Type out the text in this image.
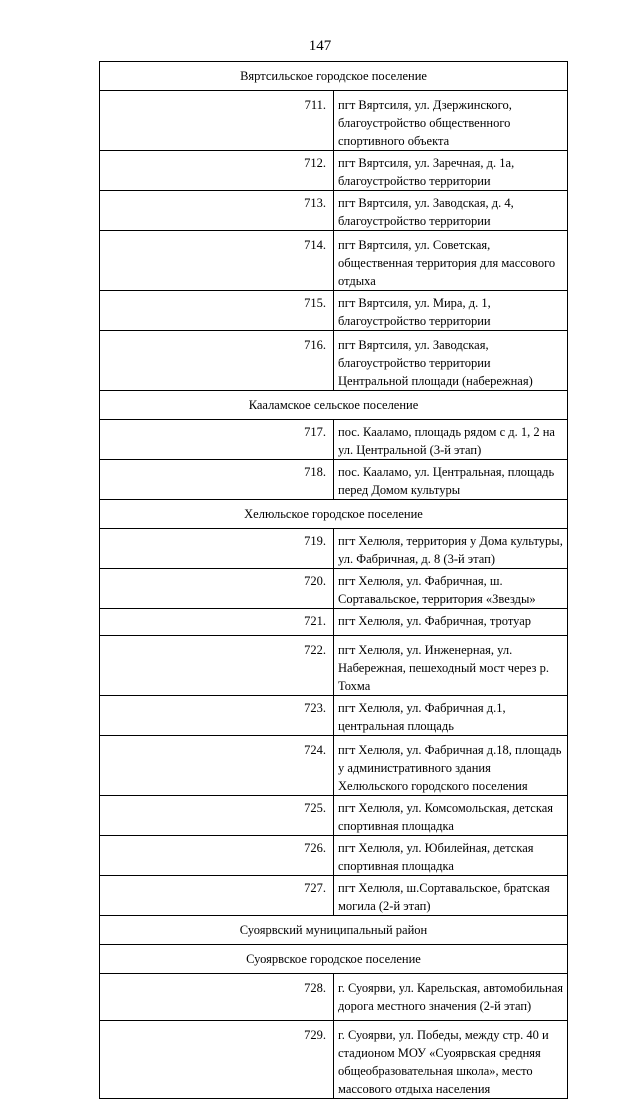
147
Вяртсильское городское поселение	
711.	пгт Вяртсиля, ул. Дзержинского, благоустройство общественного спортивного объекта
712.	пгт Вяртсиля, ул. Заречная, д. 1а, благоустройство территории
713.	пгт Вяртсиля, ул. Заводская, д. 4, благоустройство территории
714.	пгт Вяртсиля, ул. Советская, общественная территория для массового отдыха
715.	пгт Вяртсиля, ул. Мира, д. 1, благоустройство территории
716.	пгт Вяртсиля, ул. Заводская, благоустройство территории Центральной площади (набережная)
Кааламское сельское поселение	
717.	пос. Кааламо, площадь рядом с д. 1, 2 на ул. Центральной (3-й этап)
718.	пос. Кааламо, ул. Центральная, площадь перед Домом культуры
Хелюльское городское поселение	
719.	пгт Хелюля, территория у Дома культуры, ул. Фабричная, д. 8 (3-й этап)
720.	пгт Хелюля, ул. Фабричная, ш. Сортавальское, территория «Звезды»
721.	пгт Хелюля, ул. Фабричная, тротуар
722.	пгт Хелюля, ул. Инженерная, ул. Набережная, пешеходный мост через р. Тохма
723.	пгт Хелюля, ул. Фабричная д.1, центральная площадь
724.	пгт Хелюля, ул. Фабричная д.18, площадь у административного здания Хелюльского городского поселения
725.	пгт Хелюля, ул. Комсомольская, детская спортивная площадка
726.	пгт Хелюля, ул. Юбилейная, детская спортивная площадка
727.	пгт Хелюля, ш.Сортавальское, братская могила (2-й этап)
Суоярвский муниципальный район	
Суоярвское городское поселение	
728.	г. Суоярви, ул. Карельская, автомобильная дорога местного значения (2-й этап)
729.	г. Суоярви, ул. Победы, между стр. 40 и стадионом МОУ «Суоярвская средняя общеобразовательная школа», место массового отдыха населения
